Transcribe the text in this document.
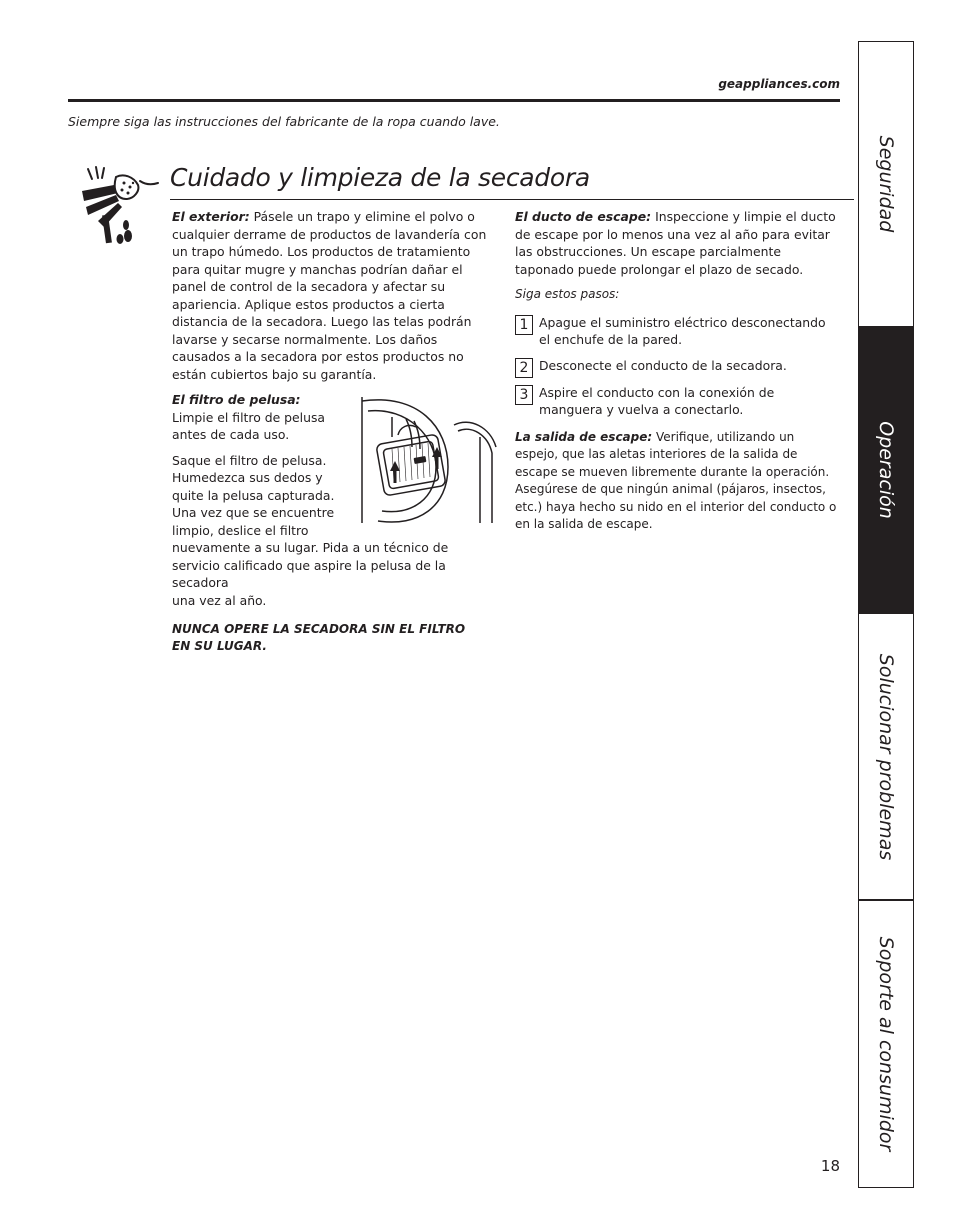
geappliances.com
Siempre siga las instrucciones del fabricante de la ropa cuando lave.
Cuidado y limpieza de la secadora

El exterior: Pásele un trapo y elimine el polvo o cualquier derrame de productos de lavandería con un trapo húmedo. Los productos de tratamiento para quitar mugre y manchas podrían dañar el panel de control de la secadora y afectar su apariencia. Aplique estos productos a cierta distancia de la secadora. Luego las telas podrán lavarse y secarse normalmente. Los daños causados a la secadora por estos productos no están cubiertos bajo su garantía.

El filtro de pelusa: Limpie el filtro de pelusa antes de cada uso.

Saque el filtro de pelusa. Humedezca sus dedos y quite la pelusa capturada. Una vez que se encuentre limpio, deslice el filtro

nuevamente a su lugar. Pida a un técnico de servicio calificado que aspire la pelusa de la secadora

una vez al año.

NUNCA OPERE LA SECADORA SIN EL FILTRO EN SU LUGAR.

El ducto de escape: Inspeccione y limpie el ducto de escape por lo menos una vez al año para evitar las obstrucciones. Un escape parcialmente taponado puede prolongar el plazo de secado.

Siga estos pasos:

1 Apague el suministro eléctrico desconectando el enchufe de la pared.
2 Desconecte el conducto de la secadora.
3 Aspire el conducto con la conexión de manguera y vuelva a conectarlo.

La salida de escape: Verifique, utilizando un espejo, que las aletas interiores de la salida de escape se mueven libremente durante la operación. Asegúrese de que ningún animal (pájaros, insectos, etc.) haya hecho su nido en el interior del conducto o en la salida de escape.

18
Seguridad
Operación
Solucionar problemas
Soporte al consumidor
